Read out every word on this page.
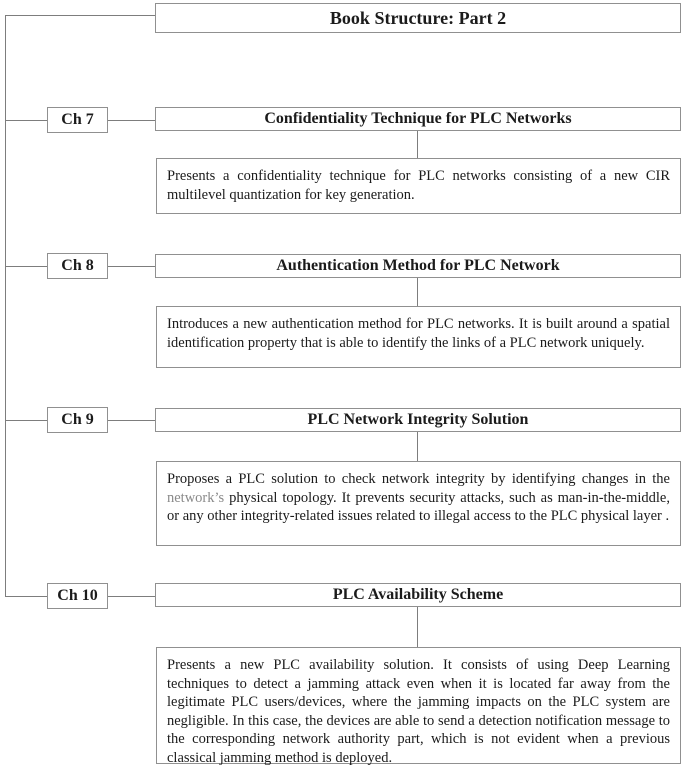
Book Structure: Part 2
Ch 7	Confidentiality Technique for PLC Networks
Presents a confidentiality technique for PLC networks consisting of a new CIR multilevel quantization for key generation.
Ch 8	Authentication Method for PLC Network
Introduces a new authentication method for PLC networks. It is built around a spatial identification property that is able to identify the links of a PLC network uniquely.
Ch 9	PLC Network Integrity Solution
Proposes a PLC solution to check network integrity by identifying changes in the network’s physical topology. It prevents security attacks, such as man-in-the-middle, or any other integrity-related issues related to illegal access to the PLC physical layer .
Ch 10	PLC Availability Scheme
Presents a new PLC availability solution. It consists of using Deep Learning techniques to detect a jamming attack even when it is located far away from the legitimate PLC users/devices, where the jamming impacts on the PLC system are negligible. In this case, the devices are able to send a detection notification message to the corresponding network authority part, which is not evident when a previous classical jamming method is deployed.
